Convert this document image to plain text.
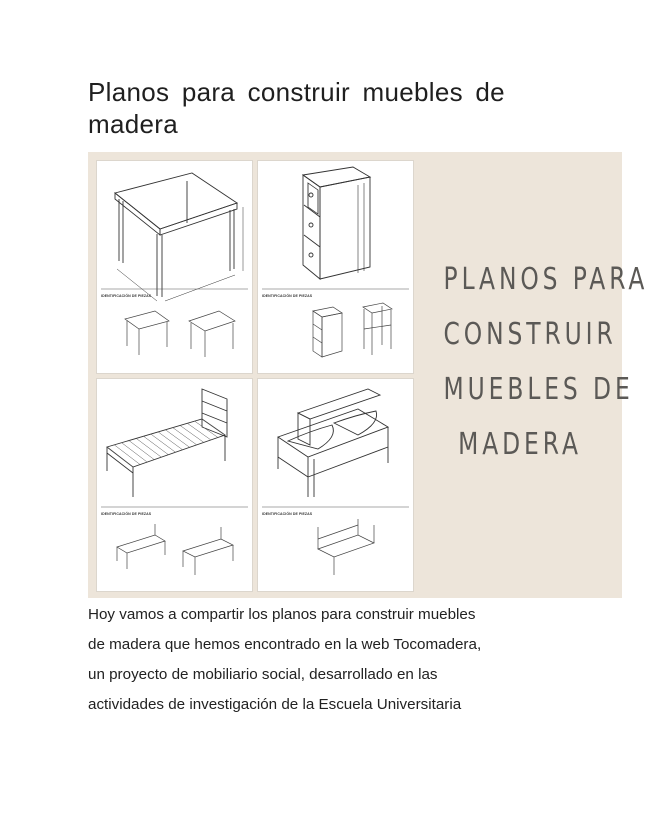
Planos para construir muebles de madera
IDENTIFICACIÓN DE PIEZAS	IDENTIFICACIÓN DE PIEZAS
IDENTIFICACIÓN DE PIEZAS	IDENTIFICACIÓN DE PIEZAS
PLANOS PARA
CONSTRUIR
MUEBLES DE
MADERA

Hoy vamos a compartir los planos para construir muebles

de madera que hemos encontrado en la web Tocomadera,

un proyecto de mobiliario social, desarrollado en las

actividades de investigación de la Escuela Universitaria
